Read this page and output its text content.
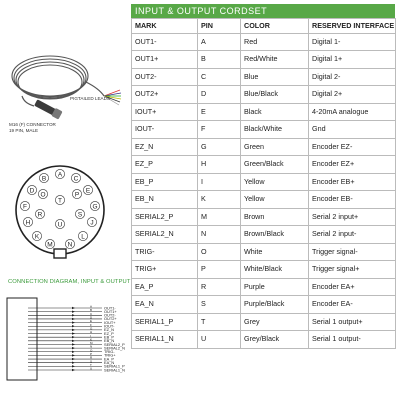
PIGTAILED LEADS
M16 (F) CONNECTOR
19 PIN, MALE
A
B	C
D	E
F	G
H	J
K	L
M N
O	P
R	S
T
U
CONNECTION DIAGRAM, INPUT & OUTPUT
A	OUT1-
B	OUT1+
C	OUT2-
D	OUT2+
E	IOUT+
F	IOUT-
G	EZ_N
H	EZ_P
I	EB_P
K	EB_N
M	SERIAL2_P
N	SERIAL2_N
O	TRIG-
P	TRIG+
R	EA_P
S	EA_N
T	SERIAL1_P
U	SERIAL1_N
INPUT & OUTPUT CORDSET
MARK	PIN	COLOR	RESERVED INTERFACE
OUT1-	A	Red	Digital 1-
OUT1+	B	Red/White	Digital 1+
OUT2-	C	Blue	Digital 2-
OUT2+	D	Blue/Black	Digital 2+
IOUT+	E	Black	4-20mA analogue
IOUT-	F	Black/White	Gnd
EZ_N	G	Green	Encoder EZ-
EZ_P	H	Green/Black	Encoder EZ+
EB_P	I	Yellow	Encoder EB+
EB_N	K	Yellow	Encoder EB-
SERIAL2_P	M	Brown	Serial 2 input+
SERIAL2_N	N	Brown/Black	Serial 2 input-
TRIG-	O	White	Trigger signal-
TRIG+	P	White/Black	Trigger signal+
EA_P	R	Purple	Encoder EA+
EA_N	S	Purple/Black	Encoder EA-
SERIAL1_P	T	Grey	Serial 1 output+
SERIAL1_N	U	Grey/Black	Serial 1 output-
